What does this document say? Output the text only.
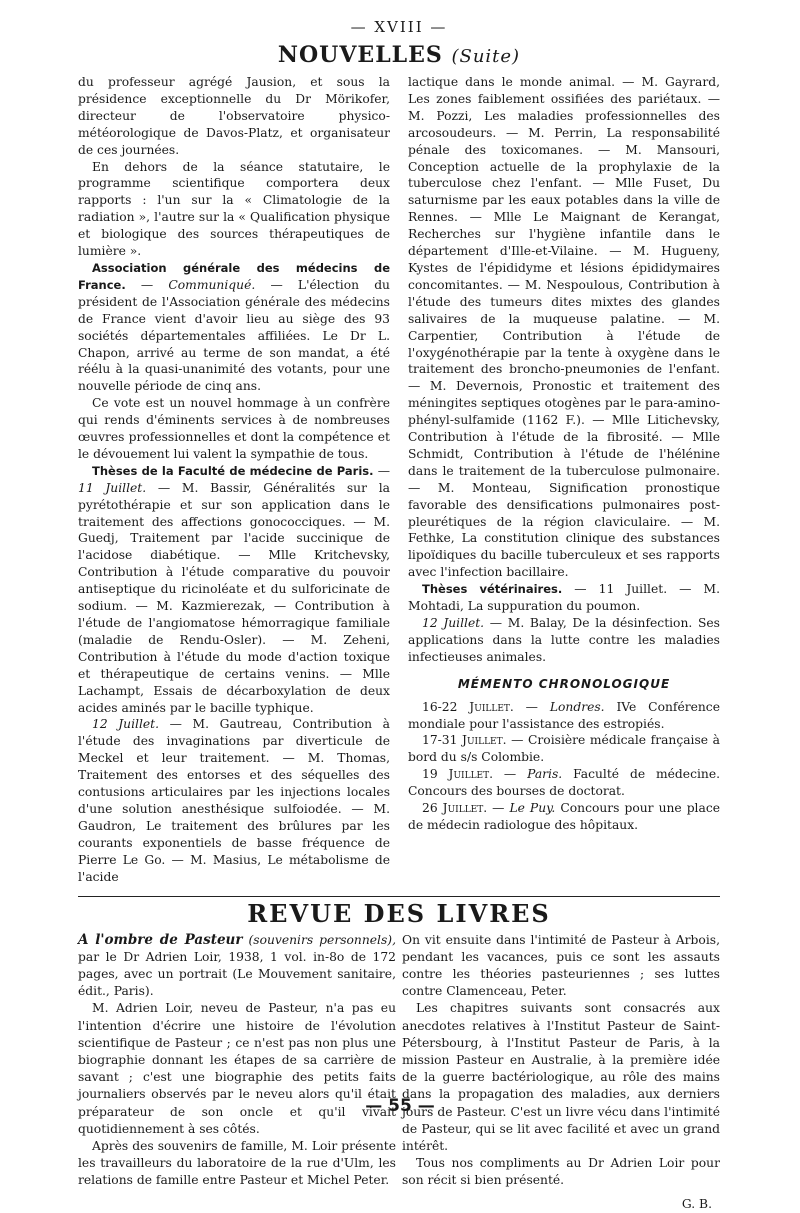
— XVIII —
NOUVELLES (Suite)

du professeur agrégé Jausion, et sous la présidence exceptionnelle du Dr Mörikofer, directeur de l'observatoire physico-météorologique de Davos-Platz, et organisateur de ces journées.

En dehors de la séance statutaire, le programme scientifique comportera deux rapports : l'un sur la « Climatologie de la radiation », l'autre sur la « Qualification physique et biologique des sources thérapeutiques de lumière ».

Association générale des médecins de France. — Communiqué. — L'élection du président de l'Association générale des médecins de France vient d'avoir lieu au siège des 93 sociétés départementales affiliées. Le Dr L. Chapon, arrivé au terme de son mandat, a été réélu à la quasi-unanimité des votants, pour une nouvelle période de cinq ans.

Ce vote est un nouvel hommage à un confrère qui rends d'éminents services à de nombreuses œuvres professionnelles et dont la compétence et le dévouement lui valent la sympathie de tous.

Thèses de la Faculté de médecine de Paris. — 11 Juillet. — M. Bassir, Généralités sur la pyrétothérapie et sur son application dans le traitement des affections gonococciques. — M. Guedj, Traitement par l'acide succinique de l'acidose diabétique. — Mlle Kritchevsky, Contribution à l'étude comparative du pouvoir antiseptique du ricinoléate et du sulforicinate de sodium. — M. Kazmierezak, — Contribution à l'étude de l'angiomatose hémorragique familiale (maladie de Rendu-Osler). — M. Zeheni, Contribution à l'étude du mode d'action toxique et thérapeutique de certains venins. — Mlle Lachampt, Essais de décarboxylation de deux acides aminés par le bacille typhique.

12 Juillet. — M. Gautreau, Contribution à l'étude des invaginations par diverticule de Meckel et leur traitement. — M. Thomas, Traitement des entorses et des séquelles des contusions articulaires par les injections locales d'une solution anesthésique sulfoiodée. — M. Gaudron, Le traitement des brûlures par les courants exponentiels de basse fréquence de Pierre Le Go. — M. Masius, Le métabolisme de l'acide

lactique dans le monde animal. — M. Gayrard, Les zones faiblement ossifiées des pariétaux. — M. Pozzi, Les maladies professionnelles des arcosoudeurs. — M. Perrin, La responsabilité pénale des toxicomanes. — M. Mansouri, Conception actuelle de la prophylaxie de la tuberculose chez l'enfant. — Mlle Fuset, Du saturnisme par les eaux potables dans la ville de Rennes. — Mlle Le Maignant de Kerangat, Recherches sur l'hygiène infantile dans le département d'Ille-et-Vilaine. — M. Hugueny, Kystes de l'épididyme et lésions épididymaires concomitantes. — M. Nespoulous, Contribution à l'étude des tumeurs dites mixtes des glandes salivaires de la muqueuse palatine. — M. Carpentier, Contribution à l'étude de l'oxygénothérapie par la tente à oxygène dans le traitement des broncho-pneumonies de l'enfant. — M. Devernois, Pronostic et traitement des méningites septiques otogènes par le para-amino-phényl-sulfamide (1162 F.). — Mlle Litichevsky, Contribution à l'étude de la fibrosité. — Mlle Schmidt, Contribution à l'étude de l'hélénine dans le traitement de la tuberculose pulmonaire. — M. Monteau, Signification pronostique favorable des densifications pulmonaires post-pleurétiques de la région claviculaire. — M. Fethke, La constitution clinique des substances lipoïdiques du bacille tuberculeux et ses rapports avec l'infection bacillaire.

Thèses vétérinaires. — 11 Juillet. — M. Mohtadi, La suppuration du poumon.

12 Juillet. — M. Balay, De la désinfection. Ses applications dans la lutte contre les maladies infectieuses animales.

MÉMENTO CHRONOLOGIQUE

16-22 Juillet. — Londres. IVe Conférence mondiale pour l'assistance des estropiés.

17-31 Juillet. — Croisière médicale française à bord du s/s Colombie.

19 Juillet. — Paris. Faculté de médecine. Concours des bourses de doctorat.

26 Juillet. — Le Puy. Concours pour une place de médecin radiologue des hôpitaux.

REVUE DES LIVRES

A l'ombre de Pasteur (souvenirs personnels), par le Dr Adrien Loir, 1938, 1 vol. in-8o de 172 pages, avec un portrait (Le Mouvement sanitaire, édit., Paris).

M. Adrien Loir, neveu de Pasteur, n'a pas eu l'intention d'écrire une histoire de l'évolution scientifique de Pasteur ; ce n'est pas non plus une biographie donnant les étapes de sa carrière de savant ; c'est une biographie des petits faits journaliers observés par le neveu alors qu'il était préparateur de son oncle et qu'il vivait quotidiennement à ses côtés.

Après des souvenirs de famille, M. Loir présente les travailleurs du laboratoire de la rue d'Ulm, les relations de famille entre Pasteur et Michel Peter.

On vit ensuite dans l'intimité de Pasteur à Arbois, pendant les vacances, puis ce sont les assauts contre les théories pasteuriennes ; ses luttes contre Clamenceau, Peter.

Les chapitres suivants sont consacrés aux anecdotes relatives à l'Institut Pasteur de Saint-Pétersbourg, à l'Institut Pasteur de Paris, à la mission Pasteur en Australie, à la première idée de la guerre bactériologique, au rôle des mains dans la propagation des maladies, aux derniers jours de Pasteur. C'est un livre vécu dans l'intimité de Pasteur, qui se lit avec facilité et avec un grand intérêt.

Tous nos compliments au Dr Adrien Loir pour son récit si bien présenté.

G. B.
— 55 —
